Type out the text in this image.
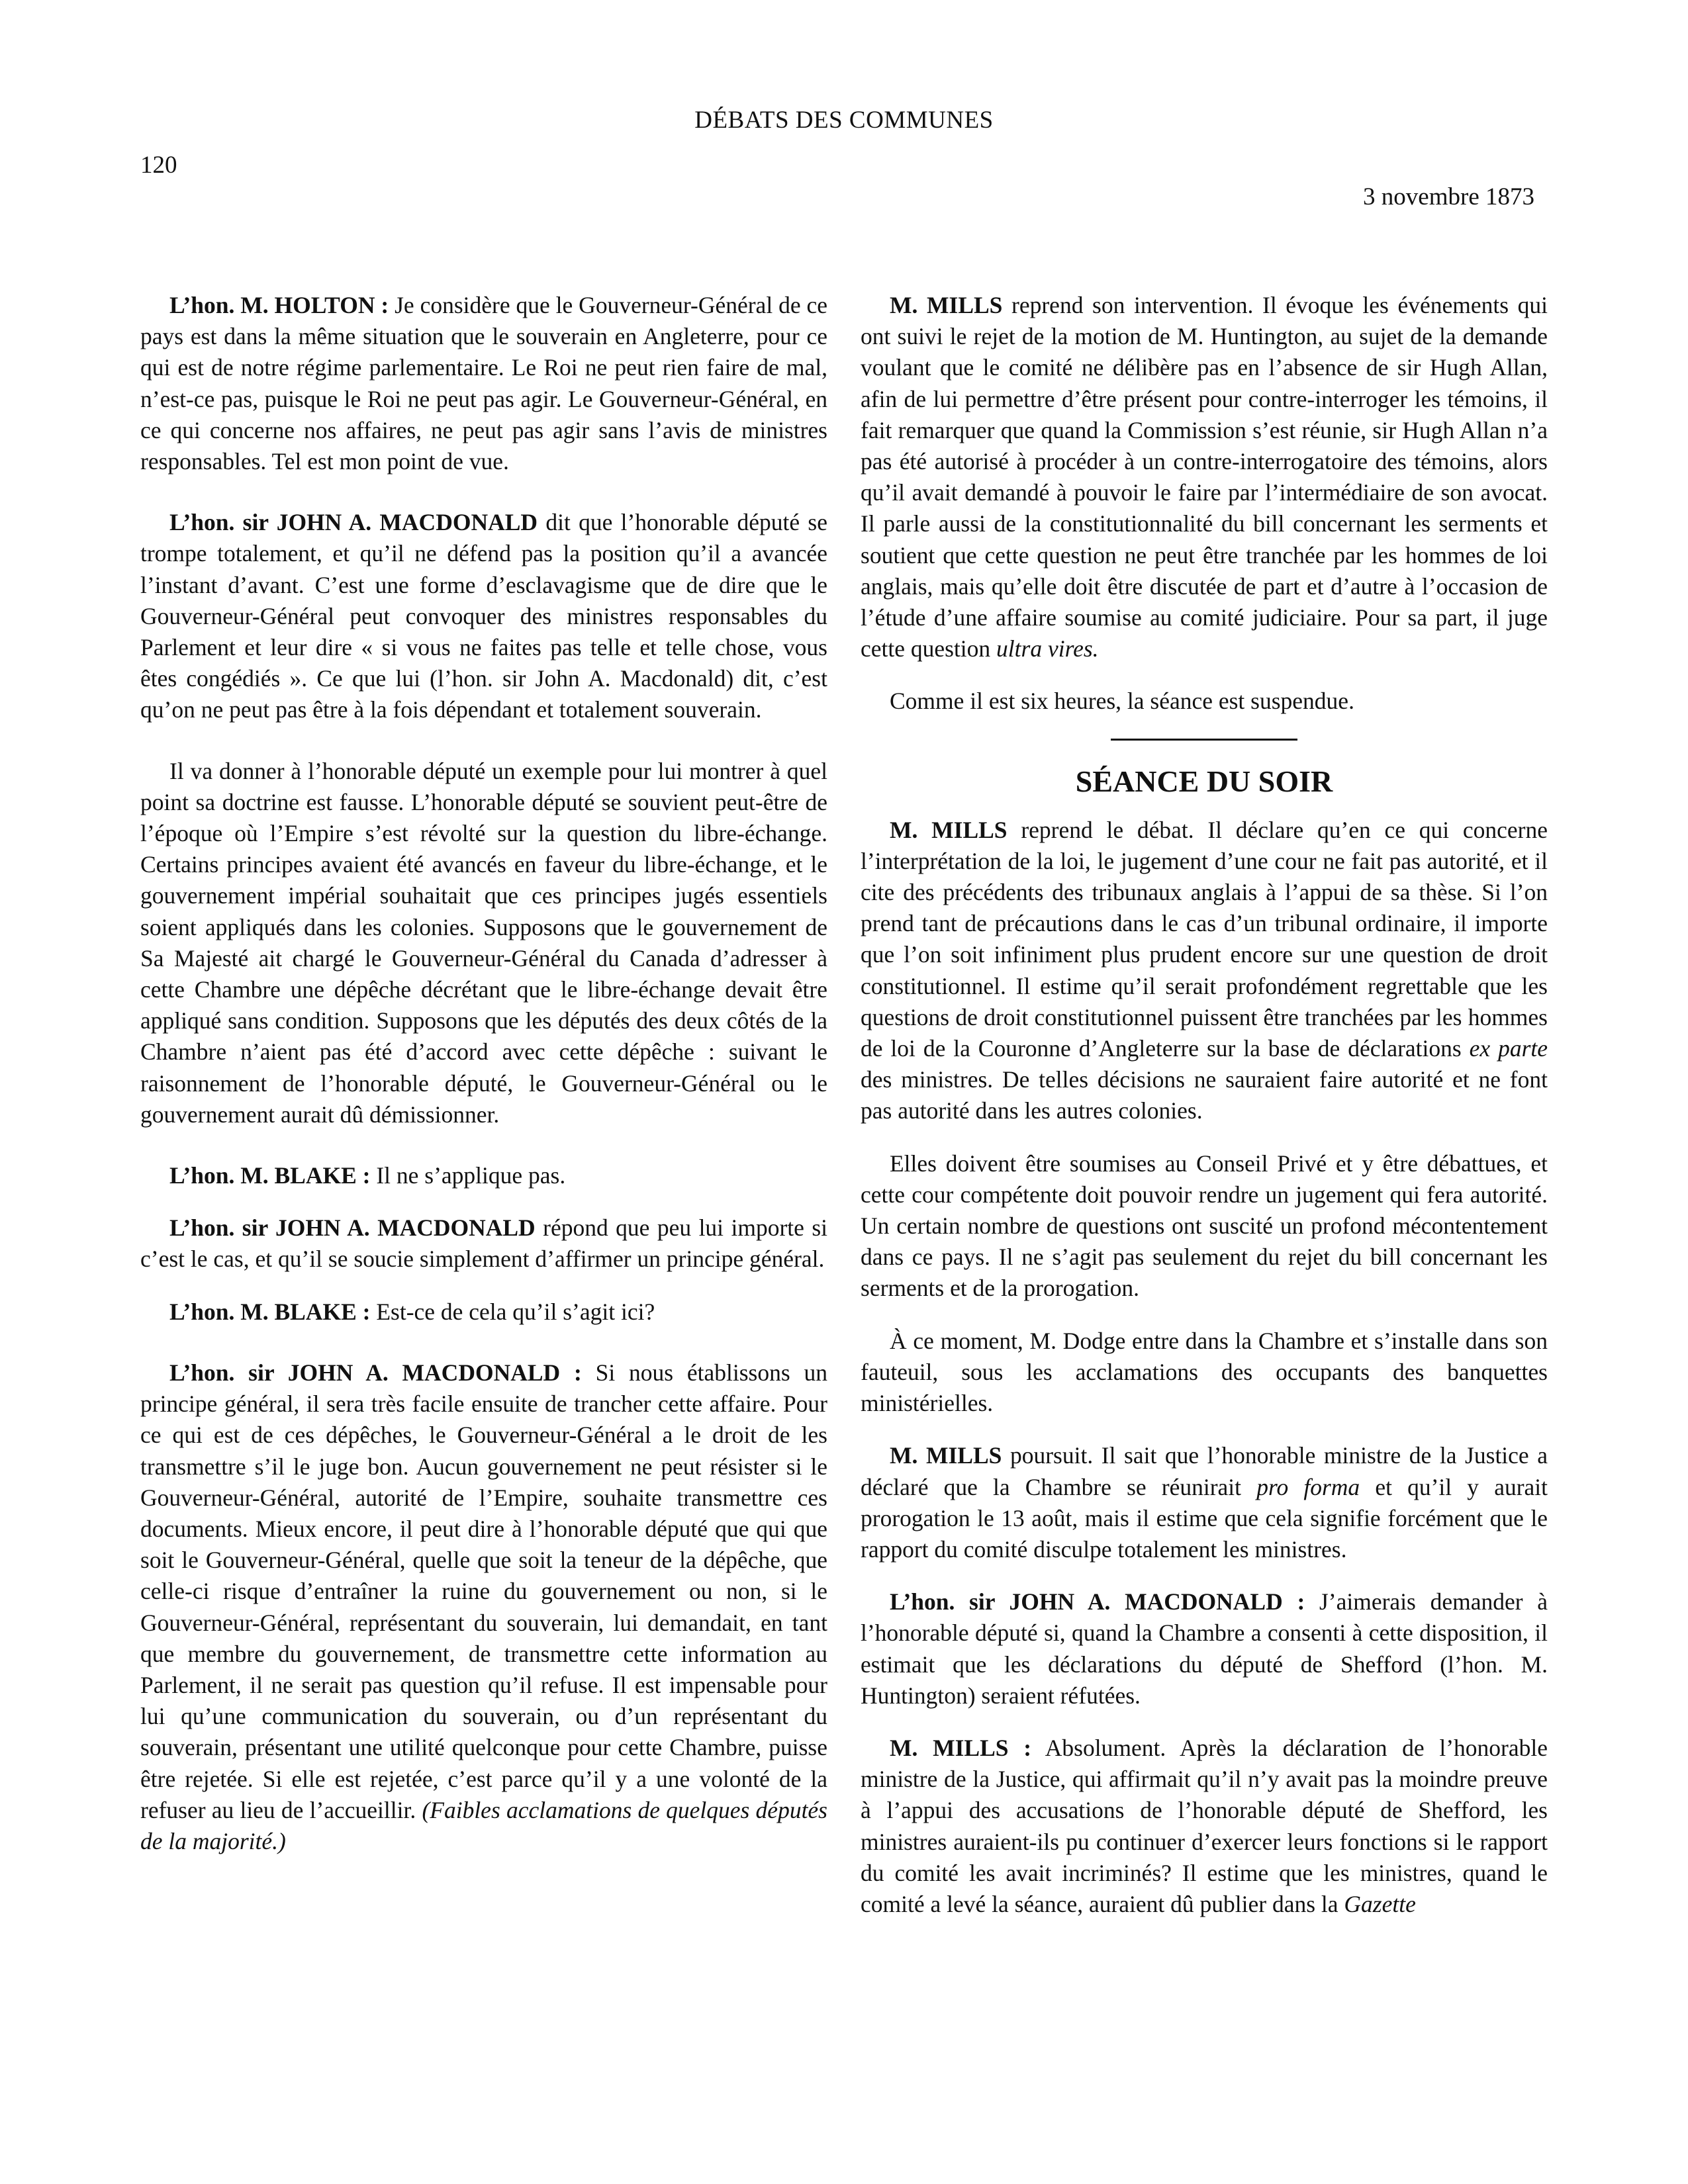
DÉBATS DES COMMUNES
120
3 novembre 1873

L’hon. M. HOLTON : Je considère que le Gouverneur-Général de ce pays est dans la même situation que le souverain en Angleterre, pour ce qui est de notre régime parlementaire. Le Roi ne peut rien faire de mal, n’est-ce pas, puisque le Roi ne peut pas agir. Le Gouverneur-Général, en ce qui concerne nos affaires, ne peut pas agir sans l’avis de ministres responsables. Tel est mon point de vue.

L’hon. sir JOHN A. MACDONALD dit que l’honorable député se trompe totalement, et qu’il ne défend pas la position qu’il a avancée l’instant d’avant. C’est une forme d’esclavagisme que de dire que le Gouverneur-Général peut convoquer des ministres responsables du Parlement et leur dire « si vous ne faites pas telle et telle chose, vous êtes congédiés ». Ce que lui (l’hon. sir John A. Macdonald) dit, c’est qu’on ne peut pas être à la fois dépendant et totalement souverain.

Il va donner à l’honorable député un exemple pour lui montrer à quel point sa doctrine est fausse. L’honorable député se souvient peut-être de l’époque où l’Empire s’est révolté sur la question du libre-échange. Certains principes avaient été avancés en faveur du libre-échange, et le gouvernement impérial souhaitait que ces principes jugés essentiels soient appliqués dans les colonies. Supposons que le gouvernement de Sa Majesté ait chargé le Gouverneur-Général du Canada d’adresser à cette Chambre une dépêche décrétant que le libre-échange devait être appliqué sans condition. Supposons que les députés des deux côtés de la Chambre n’aient pas été d’accord avec cette dépêche : suivant le raisonnement de l’honorable député, le Gouverneur-Général ou le gouvernement aurait dû démissionner.

L’hon. M. BLAKE : Il ne s’applique pas.

L’hon. sir JOHN A. MACDONALD répond que peu lui importe si c’est le cas, et qu’il se soucie simplement d’affirmer un principe général.

L’hon. M. BLAKE : Est-ce de cela qu’il s’agit ici?

L’hon. sir JOHN A. MACDONALD : Si nous établissons un principe général, il sera très facile ensuite de trancher cette affaire. Pour ce qui est de ces dépêches, le Gouverneur-Général a le droit de les transmettre s’il le juge bon. Aucun gouvernement ne peut résister si le Gouverneur-Général, autorité de l’Empire, souhaite transmettre ces documents. Mieux encore, il peut dire à l’honorable député que qui que soit le Gouverneur-Général, quelle que soit la teneur de la dépêche, que celle-ci risque d’entraîner la ruine du gouvernement ou non, si le Gouverneur-Général, représentant du souverain, lui demandait, en tant que membre du gouvernement, de transmettre cette information au Parlement, il ne serait pas question qu’il refuse. Il est impensable pour lui qu’une communication du souverain, ou d’un représentant du souverain, présentant une utilité quelconque pour cette Chambre, puisse être rejetée. Si elle est rejetée, c’est parce qu’il y a une volonté de la refuser au lieu de l’accueillir. (Faibles acclamations de quelques députés de la majorité.)

M. MILLS reprend son intervention. Il évoque les événements qui ont suivi le rejet de la motion de M. Huntington, au sujet de la demande voulant que le comité ne délibère pas en l’absence de sir Hugh Allan, afin de lui permettre d’être présent pour contre-interroger les témoins, il fait remarquer que quand la Commission s’est réunie, sir Hugh Allan n’a pas été autorisé à procéder à un contre-interrogatoire des témoins, alors qu’il avait demandé à pouvoir le faire par l’intermédiaire de son avocat. Il parle aussi de la constitutionnalité du bill concernant les serments et soutient que cette question ne peut être tranchée par les hommes de loi anglais, mais qu’elle doit être discutée de part et d’autre à l’occasion de l’étude d’une affaire soumise au comité judiciaire. Pour sa part, il juge cette question ultra vires.

Comme il est six heures, la séance est suspendue.

SÉANCE DU SOIR

M. MILLS reprend le débat. Il déclare qu’en ce qui concerne l’interprétation de la loi, le jugement d’une cour ne fait pas autorité, et il cite des précédents des tribunaux anglais à l’appui de sa thèse. Si l’on prend tant de précautions dans le cas d’un tribunal ordinaire, il importe que l’on soit infiniment plus prudent encore sur une question de droit constitutionnel. Il estime qu’il serait profondément regrettable que les questions de droit constitutionnel puissent être tranchées par les hommes de loi de la Couronne d’Angleterre sur la base de déclarations ex parte des ministres. De telles décisions ne sauraient faire autorité et ne font pas autorité dans les autres colonies.

Elles doivent être soumises au Conseil Privé et y être débattues, et cette cour compétente doit pouvoir rendre un jugement qui fera autorité. Un certain nombre de questions ont suscité un profond mécontentement dans ce pays. Il ne s’agit pas seulement du rejet du bill concernant les serments et de la prorogation.

À ce moment, M. Dodge entre dans la Chambre et s’installe dans son fauteuil, sous les acclamations des occupants des banquettes ministérielles.

M. MILLS poursuit. Il sait que l’honorable ministre de la Justice a déclaré que la Chambre se réunirait pro forma et qu’il y aurait prorogation le 13 août, mais il estime que cela signifie forcément que le rapport du comité disculpe totalement les ministres.

L’hon. sir JOHN A. MACDONALD : J’aimerais demander à l’honorable député si, quand la Chambre a consenti à cette disposition, il estimait que les déclarations du député de Shefford (l’hon. M. Huntington) seraient réfutées.

M. MILLS : Absolument. Après la déclaration de l’honorable ministre de la Justice, qui affirmait qu’il n’y avait pas la moindre preuve à l’appui des accusations de l’honorable député de Shefford, les ministres auraient-ils pu continuer d’exercer leurs fonctions si le rapport du comité les avait incriminés? Il estime que les ministres, quand le comité a levé la séance, auraient dû publier dans la Gazette
